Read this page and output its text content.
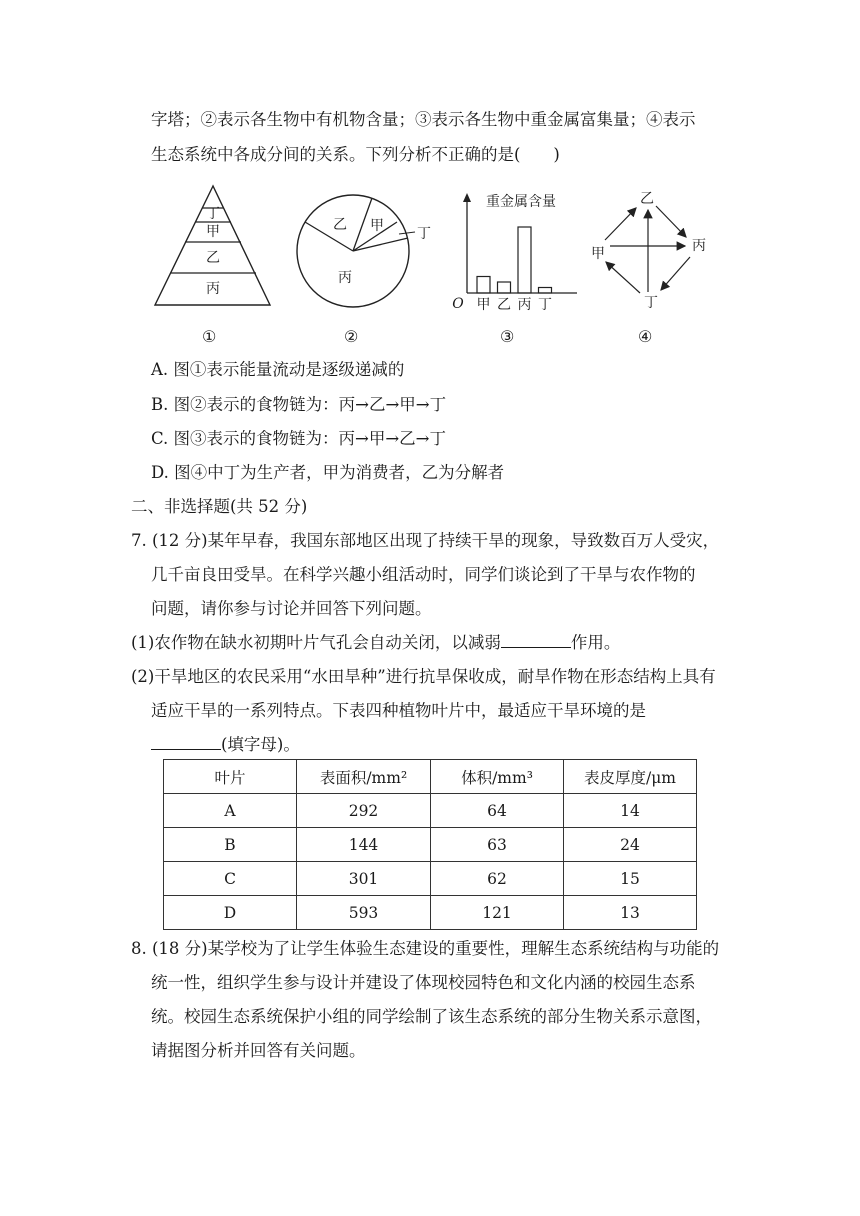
字塔；②表示各生物中有机物含量；③表示各生物中重金属富集量；④表示
生态系统中各成分间的关系。下列分析不正确的是(　　)
丁
甲
乙
丙
乙 甲 丁
丙
重金属含量
O 甲 乙 丙 丁
乙
甲	丙
丁
①	②	③	④
A. 图①表示能量流动是逐级递减的
B. 图②表示的食物链为：丙→乙→甲→丁
C. 图③表示的食物链为：丙→甲→乙→丁
D. 图④中丁为生产者，甲为消费者，乙为分解者
二、非选择题(共 52 分)
7. (12 分)某年早春，我国东部地区出现了持续干旱的现象，导致数百万人受灾，
几千亩良田受旱。在科学兴趣小组活动时，同学们谈论到了干旱与农作物的
问题，请你参与讨论并回答下列问题。
(1)农作物在缺水初期叶片气孔会自动关闭，以减弱	作用。
(2)干旱地区的农民采用“水田旱种”进行抗旱保收成，耐旱作物在形态结构上具有
适应干旱的一系列特点。下表四种植物叶片中，最适应干旱环境的是
(填字母)。
叶片	表面积/mm²	体积/mm³	表皮厚度/μm
A	292	64	14
B	144	63	24
C	301	62	15
D	593	121	13
8. (18 分)某学校为了让学生体验生态建设的重要性，理解生态系统结构与功能的
统一性，组织学生参与设计并建设了体现校园特色和文化内涵的校园生态系
统。校园生态系统保护小组的同学绘制了该生态系统的部分生物关系示意图，
请据图分析并回答有关问题。
